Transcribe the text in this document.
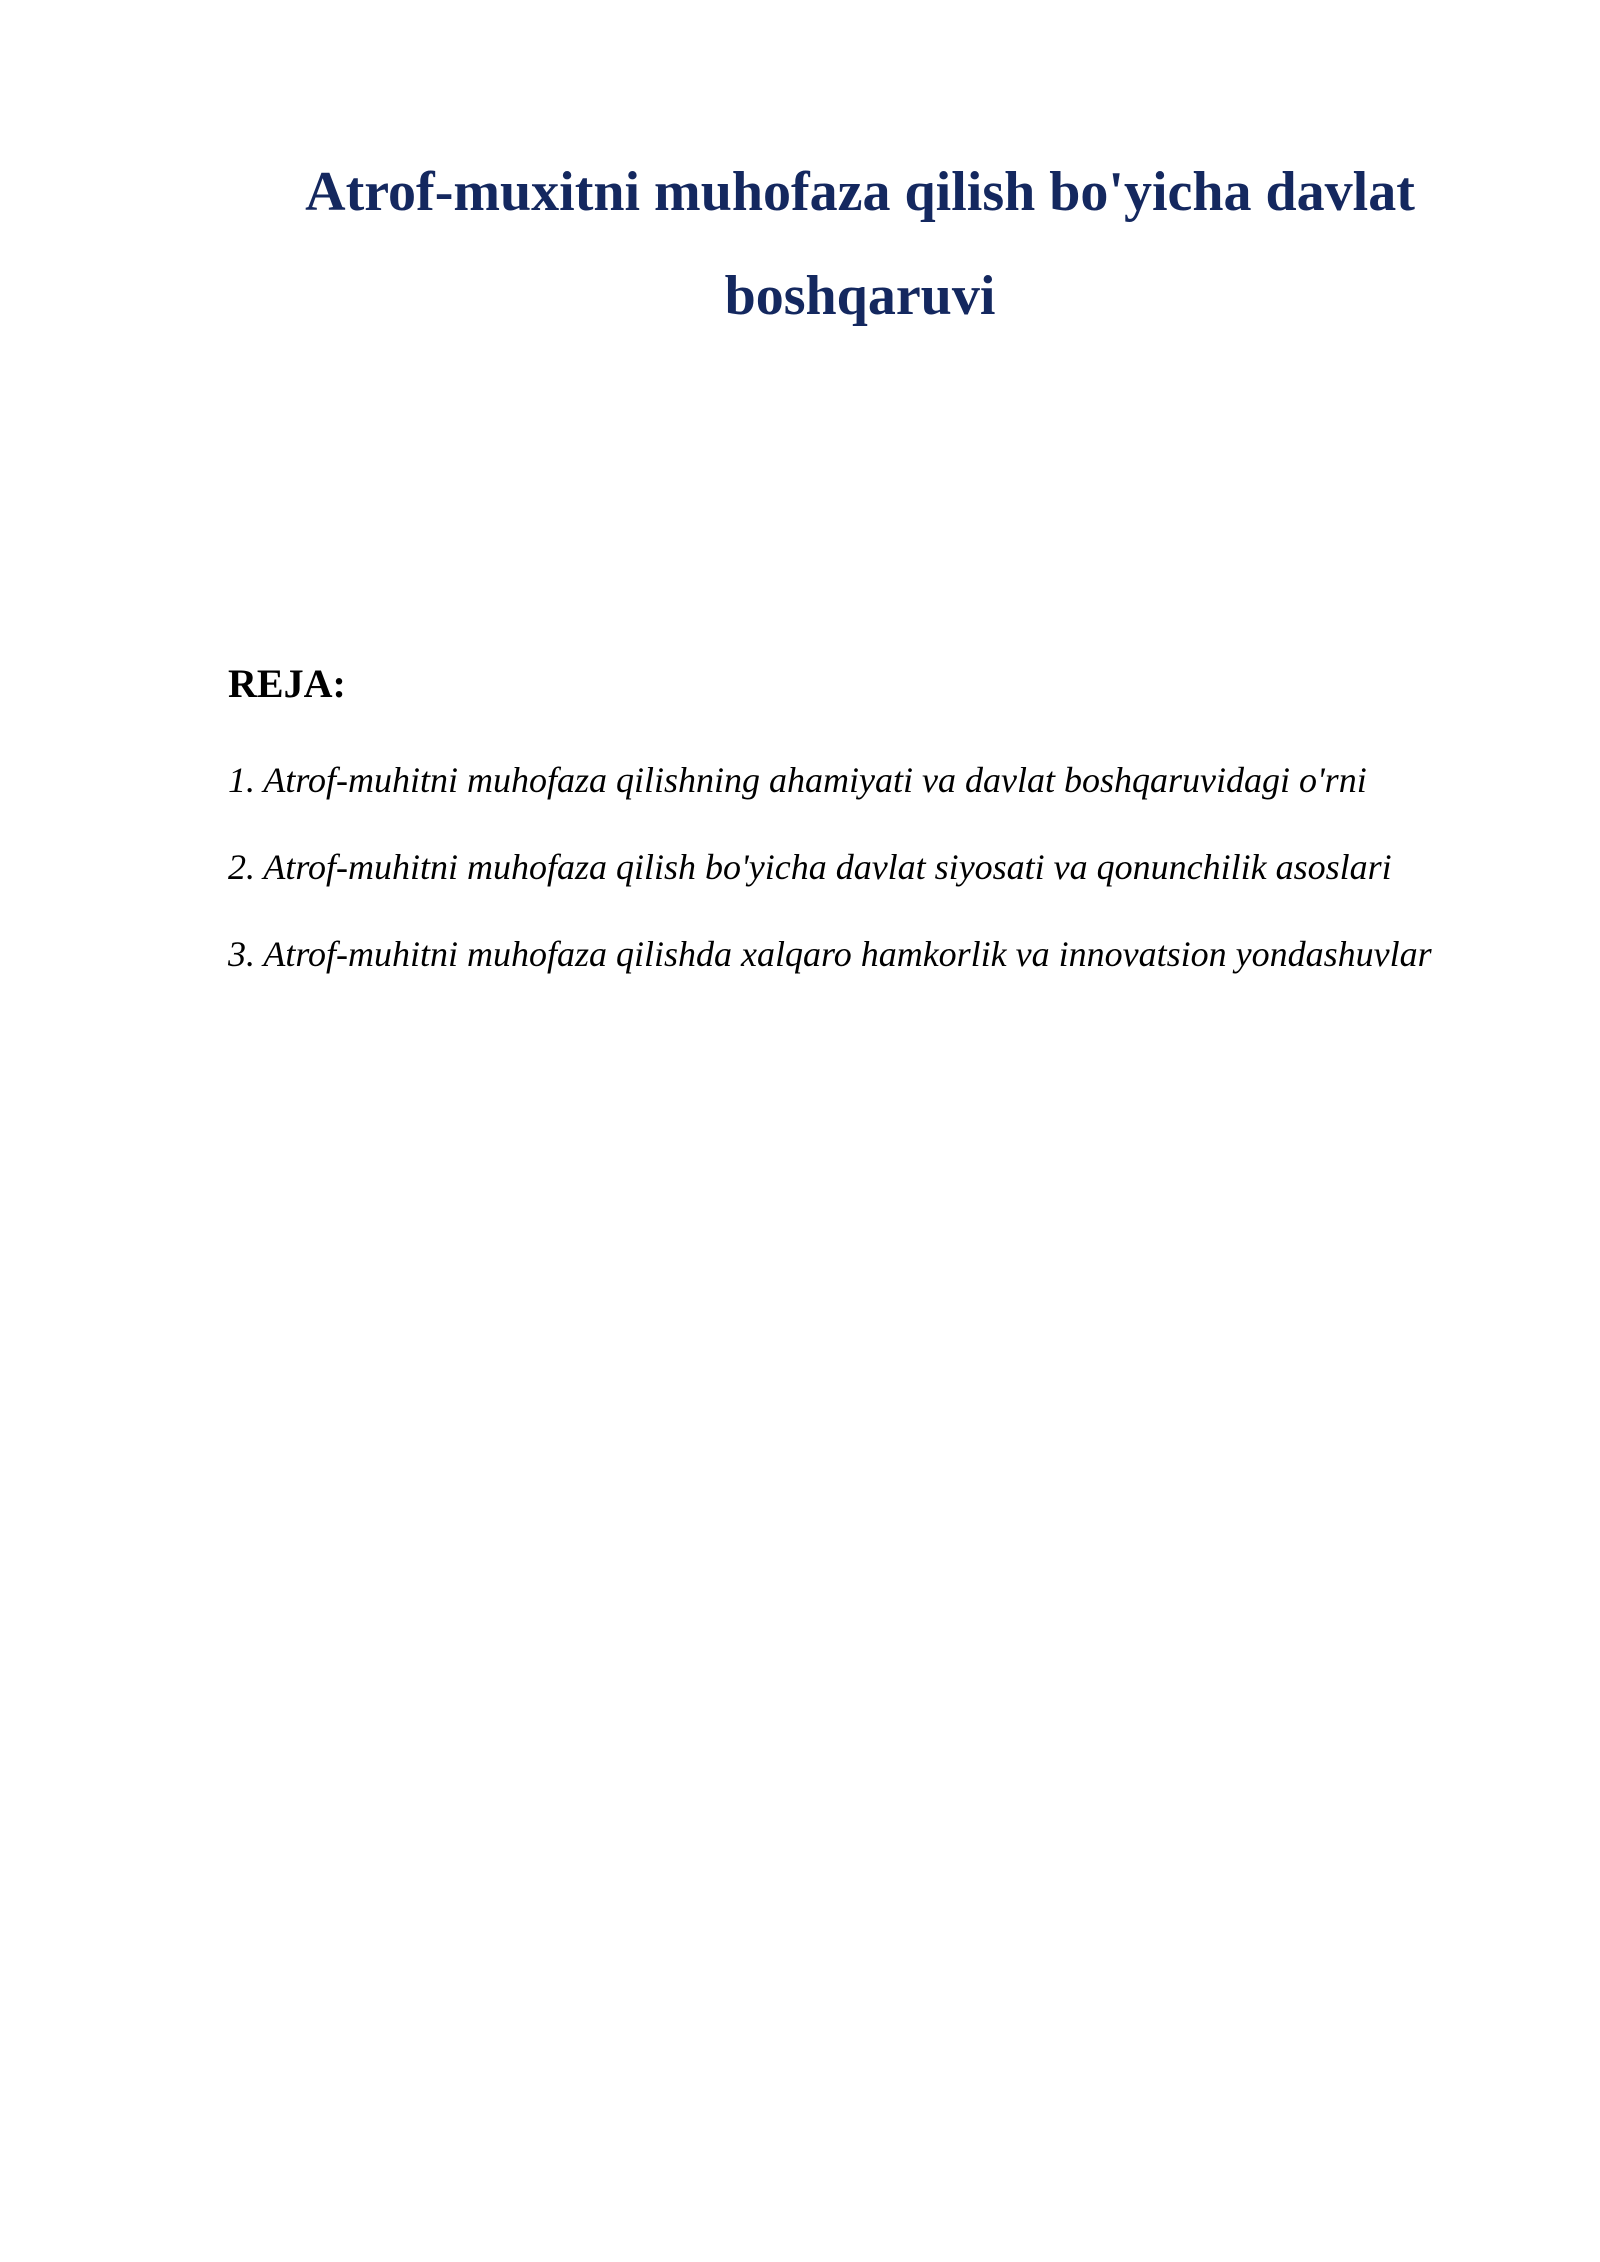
Atrof-muxitni muhofaza qilish bo'yicha davlat boshqaruvi
REJA:
1. Atrof-muhitni muhofaza qilishning ahamiyati va davlat boshqaruvidagi o'rni
2. Atrof-muhitni muhofaza qilish bo'yicha davlat siyosati va qonunchilik asoslari
3. Atrof-muhitni muhofaza qilishda xalqaro hamkorlik va innovatsion yondashuvlar
